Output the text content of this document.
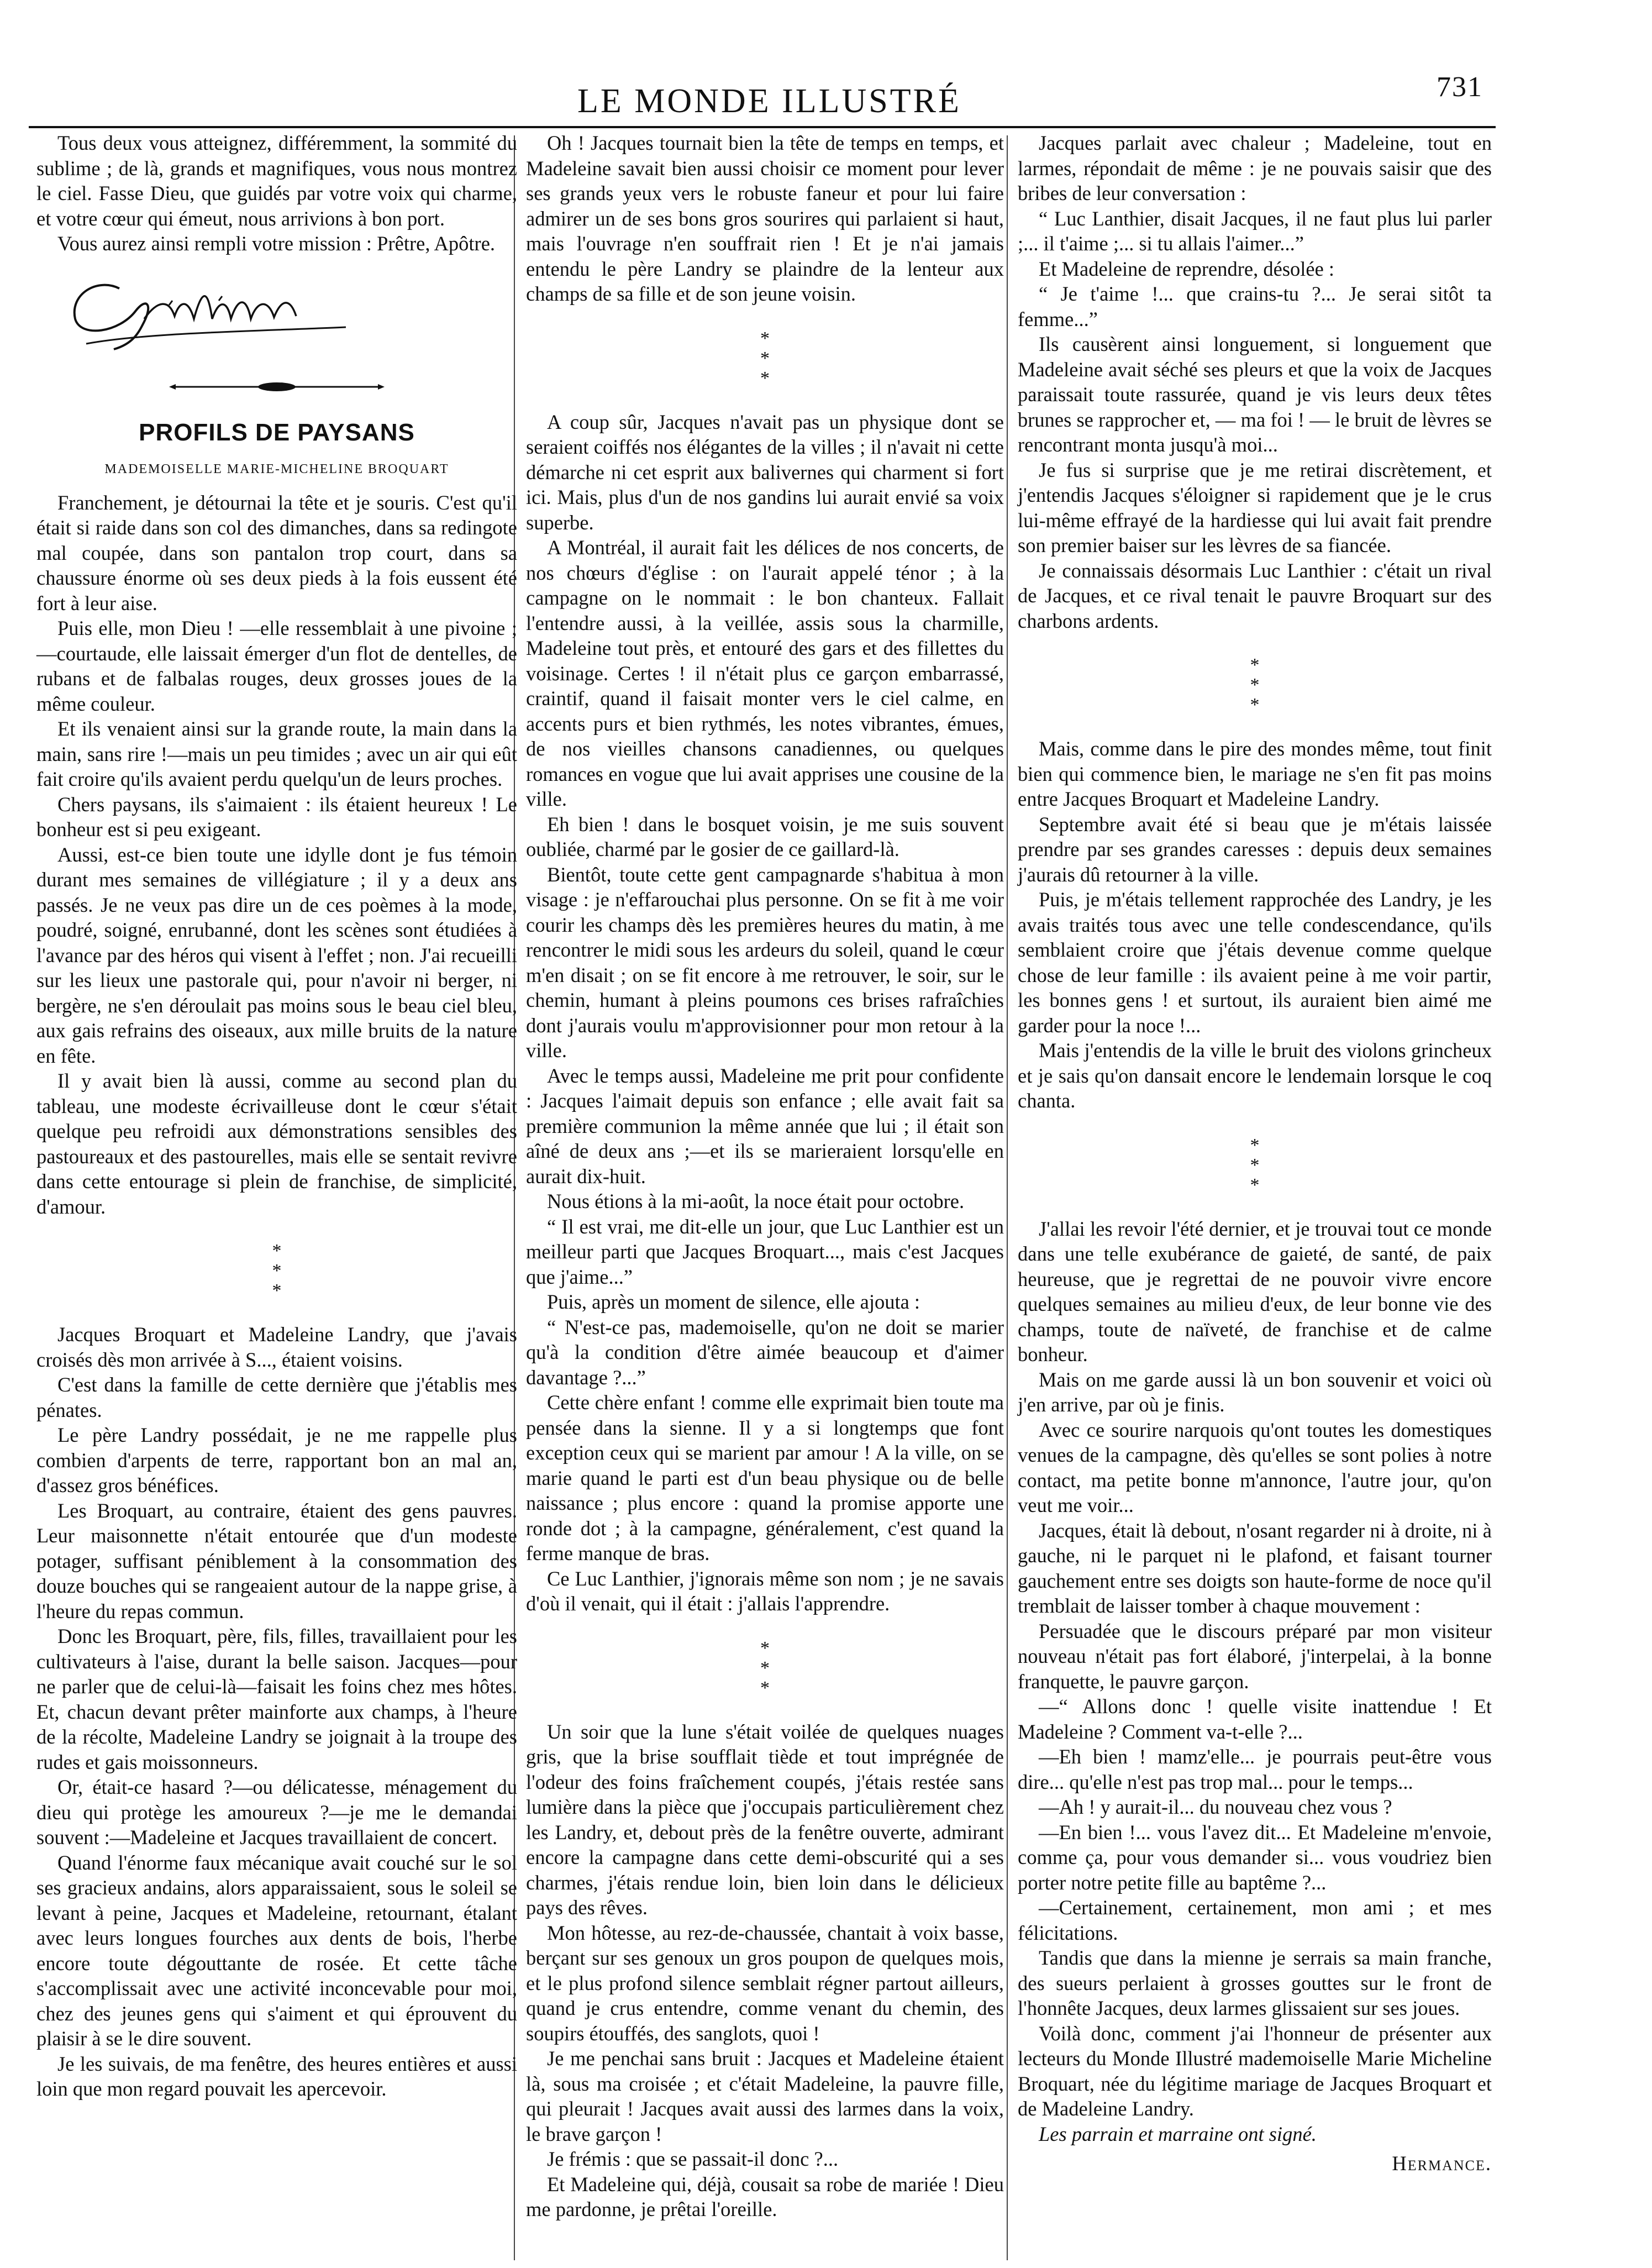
LE MONDE ILLUSTRÉ	731

Tous deux vous atteignez, différemment, la sommité du sublime ; de là, grands et magnifiques, vous nous montrez le ciel. Fasse Dieu, que guidés par votre voix qui charme, et votre cœur qui émeut, nous arrivions à bon port.

Vous aurez ainsi rempli votre mission : Prêtre, Apôtre.

PROFILS DE PAYSANS
MADEMOISELLE MARIE-MICHELINE BROQUART

Franchement, je détournai la tête et je souris. C'est qu'il était si raide dans son col des dimanches, dans sa redingote mal coupée, dans son pantalon trop court, dans sa chaussure énorme où ses deux pieds à la fois eussent été fort à leur aise.

Puis elle, mon Dieu ! —elle ressemblait à une pivoine ;—courtaude, elle laissait émerger d'un flot de dentelles, de rubans et de falbalas rouges, deux grosses joues de la même couleur.

Et ils venaient ainsi sur la grande route, la main dans la main, sans rire !—mais un peu timides ; avec un air qui eût fait croire qu'ils avaient perdu quelqu'un de leurs proches.

Chers paysans, ils s'aimaient : ils étaient heureux ! Le bonheur est si peu exigeant.

Aussi, est-ce bien toute une idylle dont je fus témoin durant mes semaines de villégiature ; il y a deux ans passés. Je ne veux pas dire un de ces poèmes à la mode, poudré, soigné, enrubanné, dont les scènes sont étudiées à l'avance par des héros qui visent à l'effet ; non. J'ai recueilli sur les lieux une pastorale qui, pour n'avoir ni berger, ni bergère, ne s'en déroulait pas moins sous le beau ciel bleu, aux gais refrains des oiseaux, aux mille bruits de la nature en fête.

Il y avait bien là aussi, comme au second plan du tableau, une modeste écrivailleuse dont le cœur s'était quelque peu refroidi aux démonstrations sensibles des pastoureaux et des pastourelles, mais elle se sentait revivre dans cette entourage si plein de franchise, de simplicité, d'amour.

*
*
*

Jacques Broquart et Madeleine Landry, que j'avais croisés dès mon arrivée à S..., étaient voisins.

C'est dans la famille de cette dernière que j'établis mes pénates.

Le père Landry possédait, je ne me rappelle plus combien d'arpents de terre, rapportant bon an mal an, d'assez gros bénéfices.

Les Broquart, au contraire, étaient des gens pauvres. Leur maisonnette n'était entourée que d'un modeste potager, suffisant péniblement à la consommation des douze bouches qui se rangeaient autour de la nappe grise, à l'heure du repas commun.

Donc les Broquart, père, fils, filles, travaillaient pour les cultivateurs à l'aise, durant la belle saison. Jacques—pour ne parler que de celui-là—faisait les foins chez mes hôtes. Et, chacun devant prêter mainforte aux champs, à l'heure de la récolte, Madeleine Landry se joignait à la troupe des rudes et gais moissonneurs.

Or, était-ce hasard ?—ou délicatesse, ménagement du dieu qui protège les amoureux ?—je me le demandai souvent :—Madeleine et Jacques travaillaient de concert.

Quand l'énorme faux mécanique avait couché sur le sol ses gracieux andains, alors apparaissaient, sous le soleil se levant à peine, Jacques et Madeleine, retournant, étalant avec leurs longues fourches aux dents de bois, l'herbe encore toute dégouttante de rosée. Et cette tâche s'accomplissait avec une activité inconcevable pour moi, chez des jeunes gens qui s'aiment et qui éprouvent du plaisir à se le dire souvent.

Je les suivais, de ma fenêtre, des heures entières et aussi loin que mon regard pouvait les apercevoir.

Oh ! Jacques tournait bien la tête de temps en temps, et Madeleine savait bien aussi choisir ce moment pour lever ses grands yeux vers le robuste faneur et pour lui faire admirer un de ses bons gros sourires qui parlaient si haut, mais l'ouvrage n'en souffrait rien ! Et je n'ai jamais entendu le père Landry se plaindre de la lenteur aux champs de sa fille et de son jeune voisin.

*
*
*

A coup sûr, Jacques n'avait pas un physique dont se seraient coiffés nos élégantes de la villes ; il n'avait ni cette démarche ni cet esprit aux balivernes qui charment si fort ici. Mais, plus d'un de nos gandins lui aurait envié sa voix superbe.

A Montréal, il aurait fait les délices de nos concerts, de nos chœurs d'église : on l'aurait appelé ténor ; à la campagne on le nommait : le bon chanteux. Fallait l'entendre aussi, à la veillée, assis sous la charmille, Madeleine tout près, et entouré des gars et des fillettes du voisinage. Certes ! il n'était plus ce garçon embarrassé, craintif, quand il faisait monter vers le ciel calme, en accents purs et bien rythmés, les notes vibrantes, émues, de nos vieilles chansons canadiennes, ou quelques romances en vogue que lui avait apprises une cousine de la ville.

Eh bien ! dans le bosquet voisin, je me suis souvent oubliée, charmé par le gosier de ce gaillard-là.

Bientôt, toute cette gent campagnarde s'habitua à mon visage : je n'effarouchai plus personne. On se fit à me voir courir les champs dès les premières heures du matin, à me rencontrer le midi sous les ardeurs du soleil, quand le cœur m'en disait ; on se fit encore à me retrouver, le soir, sur le chemin, humant à pleins poumons ces brises rafraîchies dont j'aurais voulu m'approvisionner pour mon retour à la ville.

Avec le temps aussi, Madeleine me prit pour confidente : Jacques l'aimait depuis son enfance ; elle avait fait sa première communion la même année que lui ; il était son aîné de deux ans ;—et ils se marieraient lorsqu'elle en aurait dix-huit.

Nous étions à la mi-août, la noce était pour octobre.

“ Il est vrai, me dit-elle un jour, que Luc Lanthier est un meilleur parti que Jacques Broquart..., mais c'est Jacques que j'aime...”

Puis, après un moment de silence, elle ajouta :

“ N'est-ce pas, mademoiselle, qu'on ne doit se marier qu'à la condition d'être aimée beaucoup et d'aimer davantage ?...”

Cette chère enfant ! comme elle exprimait bien toute ma pensée dans la sienne. Il y a si longtemps que font exception ceux qui se marient par amour ! A la ville, on se marie quand le parti est d'un beau physique ou de belle naissance ; plus encore : quand la promise apporte une ronde dot ; à la campagne, généralement, c'est quand la ferme manque de bras.

Ce Luc Lanthier, j'ignorais même son nom ; je ne savais d'où il venait, qui il était : j'allais l'apprendre.

*
*
*

Un soir que la lune s'était voilée de quelques nuages gris, que la brise soufflait tiède et tout imprégnée de l'odeur des foins fraîchement coupés, j'étais restée sans lumière dans la pièce que j'occupais particulièrement chez les Landry, et, debout près de la fenêtre ouverte, admirant encore la campagne dans cette demi-obscurité qui a ses charmes, j'étais rendue loin, bien loin dans le délicieux pays des rêves.

Mon hôtesse, au rez-de-chaussée, chantait à voix basse, berçant sur ses genoux un gros poupon de quelques mois, et le plus profond silence semblait régner partout ailleurs, quand je crus entendre, comme venant du chemin, des soupirs étouffés, des sanglots, quoi !

Je me penchai sans bruit : Jacques et Madeleine étaient là, sous ma croisée ; et c'était Madeleine, la pauvre fille, qui pleurait ! Jacques avait aussi des larmes dans la voix, le brave garçon !

Je frémis : que se passait-il donc ?...

Et Madeleine qui, déjà, cousait sa robe de mariée ! Dieu me pardonne, je prêtai l'oreille.

Jacques parlait avec chaleur ; Madeleine, tout en larmes, répondait de même : je ne pouvais saisir que des bribes de leur conversation :

“ Luc Lanthier, disait Jacques, il ne faut plus lui parler ;... il t'aime ;... si tu allais l'aimer...”

Et Madeleine de reprendre, désolée :

“ Je t'aime !... que crains-tu ?... Je serai sitôt ta femme...”

Ils causèrent ainsi longuement, si longuement que Madeleine avait séché ses pleurs et que la voix de Jacques paraissait toute rassurée, quand je vis leurs deux têtes brunes se rapprocher et, — ma foi ! — le bruit de lèvres se rencontrant monta jusqu'à moi...

Je fus si surprise que je me retirai discrètement, et j'entendis Jacques s'éloigner si rapidement que je le crus lui-même effrayé de la hardiesse qui lui avait fait prendre son premier baiser sur les lèvres de sa fiancée.

Je connaissais désormais Luc Lanthier : c'était un rival de Jacques, et ce rival tenait le pauvre Broquart sur des charbons ardents.

*
*
*

Mais, comme dans le pire des mondes même, tout finit bien qui commence bien, le mariage ne s'en fit pas moins entre Jacques Broquart et Madeleine Landry.

Septembre avait été si beau que je m'étais laissée prendre par ses grandes caresses : depuis deux semaines j'aurais dû retourner à la ville.

Puis, je m'étais tellement rapprochée des Landry, je les avais traités tous avec une telle condescendance, qu'ils semblaient croire que j'étais devenue comme quelque chose de leur famille : ils avaient peine à me voir partir, les bonnes gens ! et surtout, ils auraient bien aimé me garder pour la noce !...

Mais j'entendis de la ville le bruit des violons grincheux et je sais qu'on dansait encore le lendemain lorsque le coq chanta.

*
*
*

J'allai les revoir l'été dernier, et je trouvai tout ce monde dans une telle exubérance de gaieté, de santé, de paix heureuse, que je regrettai de ne pouvoir vivre encore quelques semaines au milieu d'eux, de leur bonne vie des champs, toute de naïveté, de franchise et de calme bonheur.

Mais on me garde aussi là un bon souvenir et voici où j'en arrive, par où je finis.

Avec ce sourire narquois qu'ont toutes les domestiques venues de la campagne, dès qu'elles se sont polies à notre contact, ma petite bonne m'annonce, l'autre jour, qu'on veut me voir...

Jacques, était là debout, n'osant regarder ni à droite, ni à gauche, ni le parquet ni le plafond, et faisant tourner gauchement entre ses doigts son haute-forme de noce qu'il tremblait de laisser tomber à chaque mouvement :

Persuadée que le discours préparé par mon visiteur nouveau n'était pas fort élaboré, j'interpelai, à la bonne franquette, le pauvre garçon.

—“ Allons donc ! quelle visite inattendue ! Et Madeleine ? Comment va-t-elle ?...

—Eh bien ! mamz'elle... je pourrais peut-être vous dire... qu'elle n'est pas trop mal... pour le temps...

—Ah ! y aurait-il... du nouveau chez vous ?

—En bien !... vous l'avez dit... Et Madeleine m'envoie, comme ça, pour vous demander si... vous voudriez bien porter notre petite fille au baptême ?...

—Certainement, certainement, mon ami ; et mes félicitations.

Tandis que dans la mienne je serrais sa main franche, des sueurs perlaient à grosses gouttes sur le front de l'honnête Jacques, deux larmes glissaient sur ses joues.

Voilà donc, comment j'ai l'honneur de présenter aux lecteurs du Monde Illustré mademoiselle Marie Micheline Broquart, née du légitime mariage de Jacques Broquart et de Madeleine Landry.

Les parrain et marraine ont signé.

Hermance.
